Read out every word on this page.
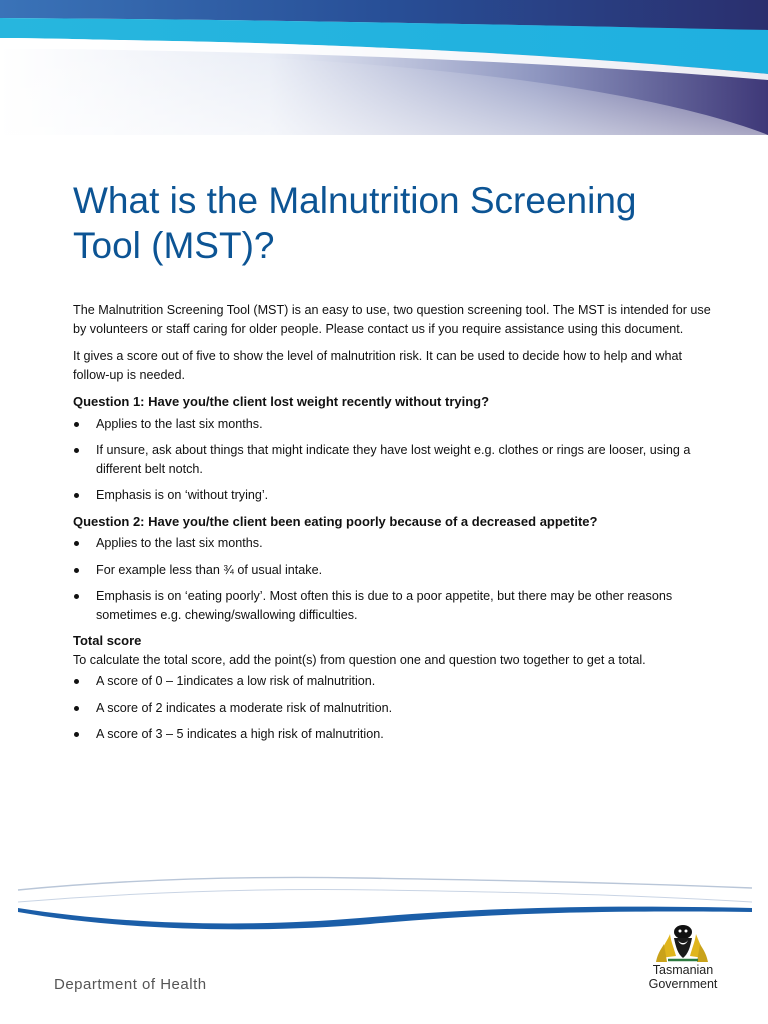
What is the Malnutrition Screening Tool (MST)?

The Malnutrition Screening Tool (MST) is an easy to use, two question screening tool. The MST is intended for use by volunteers or staff caring for older people. Please contact us if you require assistance using this document.

It gives a score out of five to show the level of malnutrition risk. It can be used to decide how to help and what follow-up is needed.

Question 1: Have you/the client lost weight recently without trying?

Applies to the last six months.
If unsure, ask about things that might indicate they have lost weight e.g. clothes or rings are looser, using a different belt notch.
Emphasis is on ‘without trying’.

Question 2: Have you/the client been eating poorly because of a decreased appetite?

Applies to the last six months.
For example less than ¾ of usual intake.
Emphasis is on ‘eating poorly’. Most often this is due to a poor appetite, but there may be other reasons sometimes e.g. chewing/swallowing difficulties.

Total score

To calculate the total score, add the point(s) from question one and question two together to get a total.

A score of 0 – 1indicates a low risk of malnutrition.
A score of 2 indicates a moderate risk of malnutrition.
A score of 3 – 5 indicates a high risk of malnutrition.
Department of Health
Tasmanian
Government
